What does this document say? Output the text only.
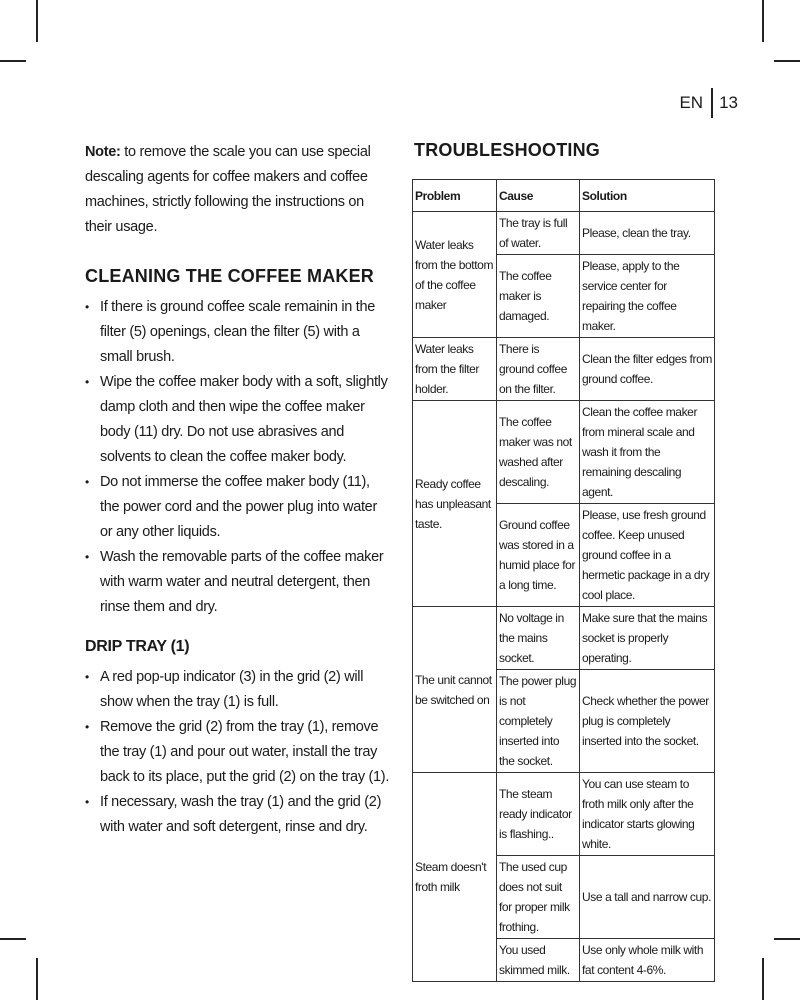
EN 13

Note: to remove the scale you can use special descaling agents for coffee makers and coffee machines, strictly following the instructions on their usage.

CLEANING THE COFFEE MAKER
• If there is ground coffee scale remainin in the filter (5) openings, clean the filter (5) with a small brush.
• Wipe the coffee maker body with a soft, slightly damp cloth and then wipe the coffee maker body (11) dry. Do not use abrasives and solvents to clean the coffee maker body.
• Do not immerse the coffee maker body (11), the power cord and the power plug into water or any other liquids.
• Wash the removable parts of the coffee maker with warm water and neutral detergent, then rinse them and dry.
DRIP TRAY (1)
• A red pop-up indicator (3) in the grid (2) will show when the tray (1) is full.
• Remove the grid (2) from the tray (1), remove the tray (1) and pour out water, install the tray back to its place, put the grid (2) on the tray (1).
• If necessary, wash the tray (1) and the grid (2) with water and soft detergent, rinse and dry.
TROUBLESHOOTING
Problem	Cause	Solution
Water leaks from the bottom of the coffee maker	The tray is full of water.	Please, clean the tray.
	The coffee maker is damaged.	Please, apply to the service center for repairing the coffee maker.
Water leaks from the filter holder.	There is ground coffee on the filter.	Clean the filter edges from ground coffee.
Ready coffee has unpleasant taste.	The coffee maker was not washed after descaling.	Clean the coffee maker from mineral scale and wash it from the remaining descaling agent.
	Ground coffee was stored in a humid place for a long time.	Please, use fresh ground coffee. Keep unused ground coffee in a hermetic package in a dry cool place.
The unit cannot be switched on	No voltage in the mains socket.	Make sure that the mains socket is properly operating.
	The power plug is not completely inserted into the socket.	Check whether the power plug is completely inserted into the socket.
Steam doesn't froth milk	The steam ready indicator is flashing..	You can use steam to froth milk only after the indicator starts glowing white.
	The used cup does not suit for proper milk frothing.	Use a tall and narrow cup.
	You used skimmed milk.	Use only whole milk with fat content 4-6%.
